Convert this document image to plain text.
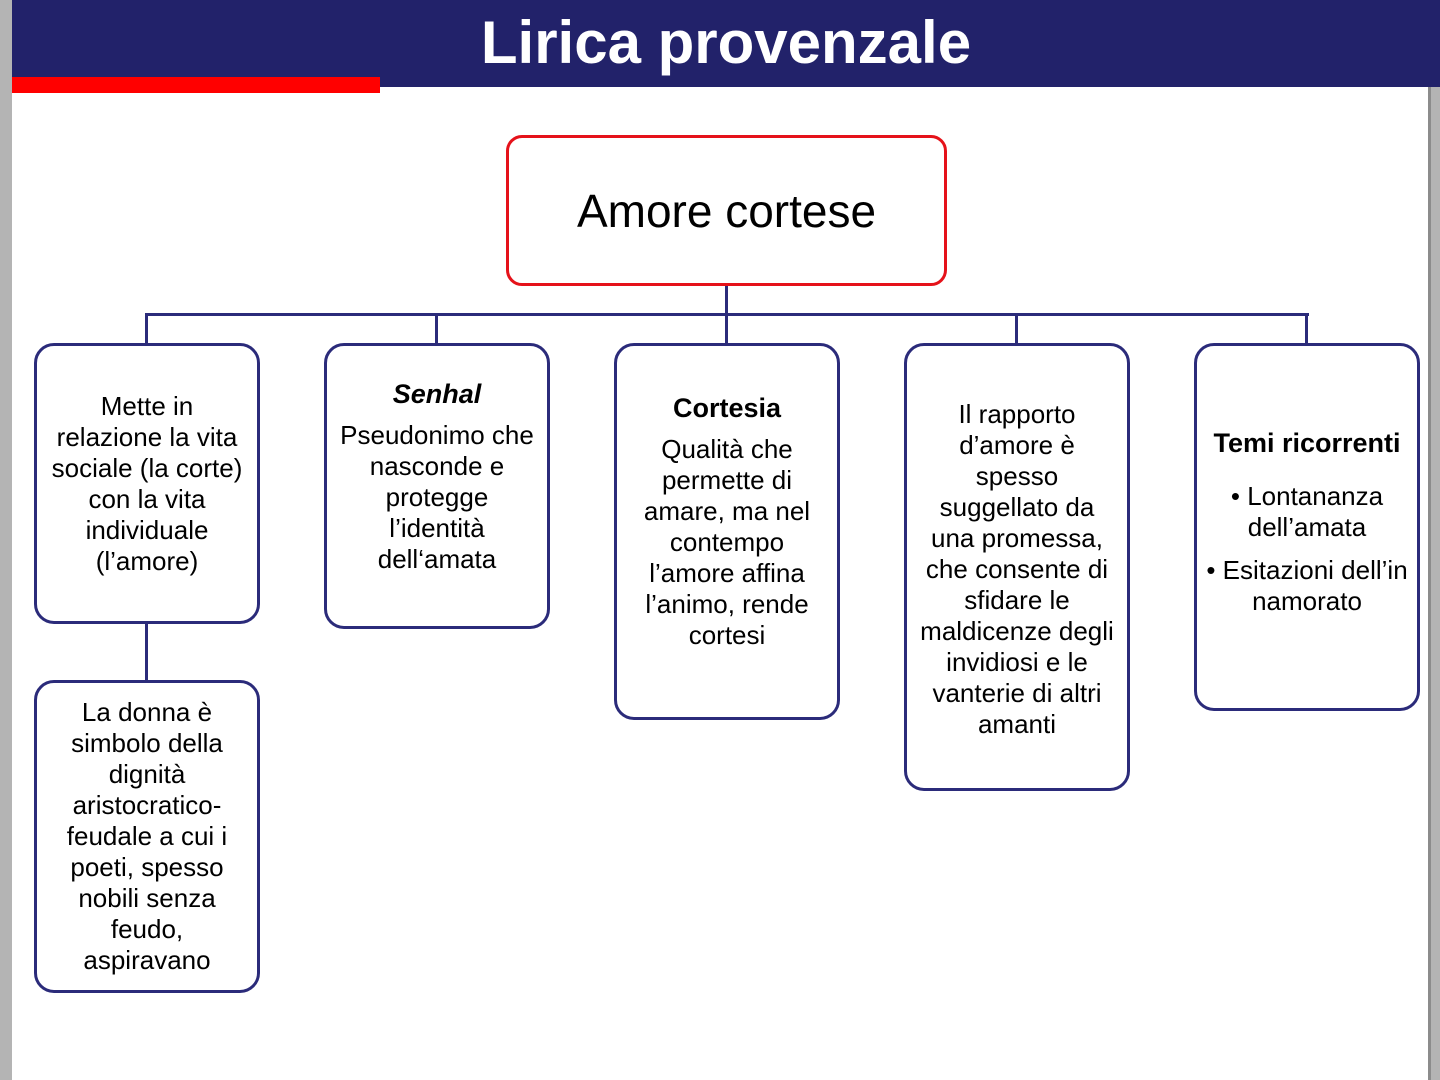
Lirica provenzale
Amore cortese
Mette in relazione la vita sociale (la corte) con la vita individuale (l’amore)
La donna è simbolo della dignità aristocratico-feudale a cui i poeti, spesso nobili senza feudo, aspiravano
Senhal
Pseudonimo che nasconde e protegge l’identità dell‘amata
Cortesia
Qualità che permette di amare, ma nel contempo l’amore affina l’animo, rende cortesi
Il rapporto d’amore è spesso suggellato da una promessa, che consente di sfidare le maldicenze degli invidiosi e le vanterie di altri amanti
Temi ricorrenti
• Lontananza dell’amata
• Esitazioni dell’innamorato
